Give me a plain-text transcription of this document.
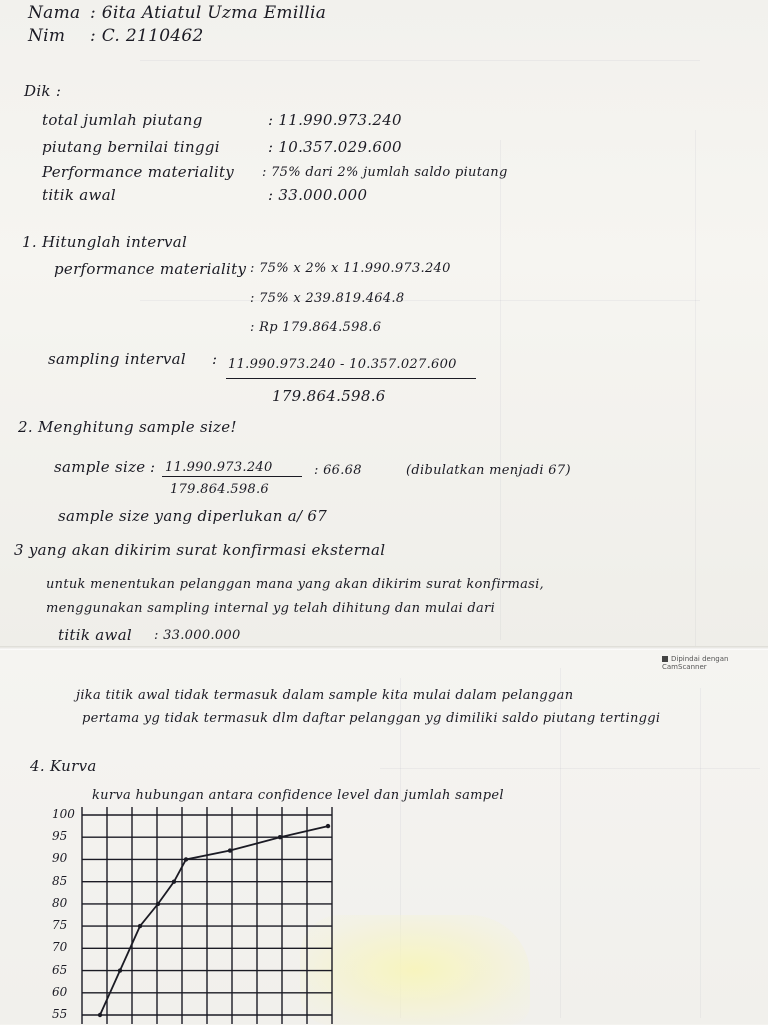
Nama : 6ita Atiatul Uzma Emillia
Nim : C. 2110462
Dik :
total jumlah piutang	: 11.990.973.240
piutang bernilai tinggi	: 10.357.029.600
Performance materiality : 75% dari 2% jumlah saldo piutang
titik awal	: 33.000.000
1. Hitunglah interval
performance materiality : 75% x 2% x 11.990.973.240
: 75% x 239.819.464.8
: Rp 179.864.598.6
sampling interval : 11.990.973.240 - 10.357.027.600
179.864.598.6
2. Menghitung sample size!
sample size : 11.990.973.240
179.864.598.6
: 66.68	(dibulatkan menjadi 67)
sample size yang diperlukan a/ 67
3 yang akan dikirim surat konfirmasi eksternal
untuk menentukan pelanggan mana yang akan dikirim surat konfirmasi,
menggunakan sampling internal yg telah dihitung dan mulai dari
titik awal : 33.000.000
Dipindai dengan CamScanner
jika titik awal tidak termasuk dalam sample kita mulai dalam pelanggan
pertama yg tidak termasuk dlm daftar pelanggan yg dimiliki saldo piutang tertinggi
4. Kurva
kurva hubungan antara confidence level dan jumlah sampel
100
95
90
85
80
75
70
65
60
55
